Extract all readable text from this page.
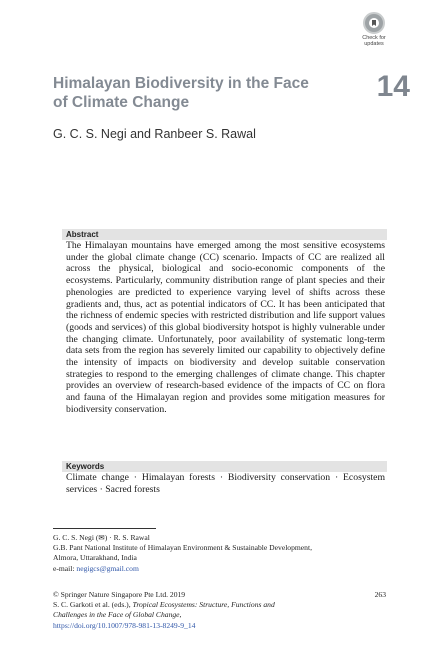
Check for
updates
Himalayan Biodiversity in the Face
of Climate Change	14
G. C. S. Negi and Ranbeer S. Rawal
Abstract

The Himalayan mountains have emerged among the most sensitive ecosystems under the global climate change (CC) scenario. Impacts of CC are realized all across the physical, biological and socio-economic components of the ecosystems. Particularly, community distribution range of plant species and their phenologies are predicted to experience varying level of shifts across these gradients and, thus, act as potential indicators of CC. It has been anticipated that the richness of endemic species with restricted distribution and life support values (goods and services) of this global biodiversity hotspot is highly vulnerable under the changing climate. Unfortunately, poor availability of systematic long-term data sets from the region has severely limited our capability to objectively define the intensity of impacts on biodiversity and develop suitable conservation strategies to respond to the emerging challenges of climate change. This chapter provides an overview of research-based evidence of the impacts of CC on flora and fauna of the Himalayan region and provides some mitigation measures for biodiversity conservation.

Keywords

Climate change · Himalayan forests · Biodiversity conservation · Ecosystem services · Sacred forests

G. C. S. Negi (✉) · R. S. Rawal
G.B. Pant National Institute of Himalayan Environment & Sustainable Development,
Almora, Uttarakhand, India
e-mail: negigcs@gmail.com
© Springer Nature Singapore Pte Ltd. 2019
S. C. Garkoti et al. (eds.), Tropical Ecosystems: Structure, Functions and
Challenges in the Face of Global Change,
https://doi.org/10.1007/978-981-13-8249-9_14
263
